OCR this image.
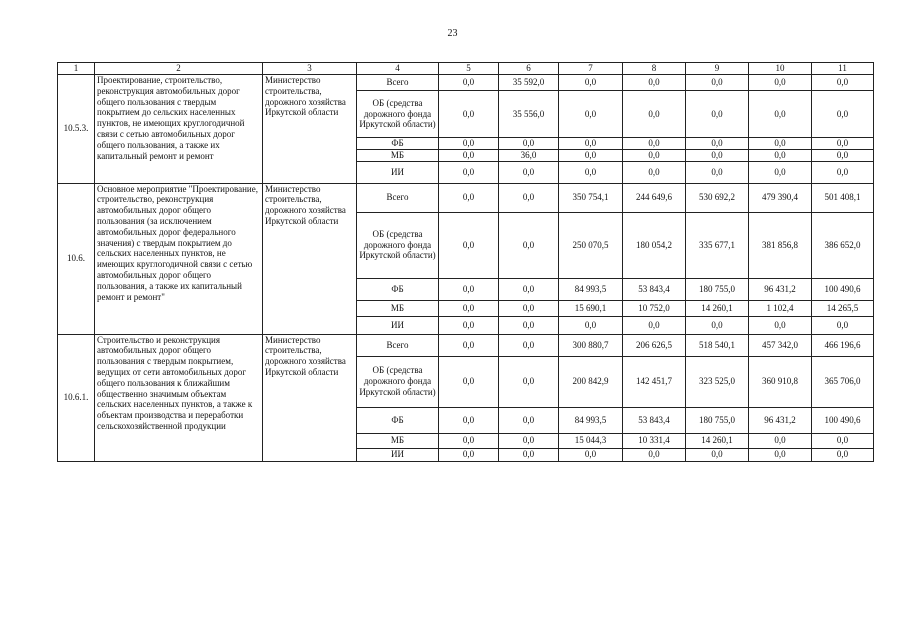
23
1	2	3	4	5	6	7	8	9	10	11
10.5.3.	Проектирование, строительство, реконструкция автомобильных дорог общего пользования с твердым покрытием до сельских населенных пунктов, не имеющих круглогодичной связи с сетью автомобильных дорог общего пользования, а также их капитальный ремонт и ремонт	Министерство строительства, дорожного хозяйства Иркутской области	Всего	0,0	35 592,0	0,0	0,0	0,0	0,0	0,0
			ОБ (средства дорожного фонда Иркутской области)	0,0	35 556,0	0,0	0,0	0,0	0,0	0,0
			ФБ	0,0	0,0	0,0	0,0	0,0	0,0	0,0
			МБ	0,0	36,0	0,0	0,0	0,0	0,0	0,0
			ИИ	0,0	0,0	0,0	0,0	0,0	0,0	0,0
10.6.	Основное мероприятие "Проектирование, строительство, реконструкция автомобильных дорог общего пользования (за исключением автомобильных дорог федерального значения) с твердым покрытием до сельских населенных пунктов, не имеющих круглогодичной связи с сетью автомобильных дорог общего пользования, а также их капитальный ремонт и ремонт"	Министерство строительства, дорожного хозяйства Иркутской области	Всего	0,0	0,0	350 754,1	244 649,6	530 692,2	479 390,4	501 408,1
			ОБ (средства дорожного фонда Иркутской области)	0,0	0,0	250 070,5	180 054,2	335 677,1	381 856,8	386 652,0
			ФБ	0,0	0,0	84 993,5	53 843,4	180 755,0	96 431,2	100 490,6
			МБ	0,0	0,0	15 690,1	10 752,0	14 260,1	1 102,4	14 265,5
			ИИ	0,0	0,0	0,0	0,0	0,0	0,0	0,0
10.6.1.	Строительство и реконструкция автомобильных дорог общего пользования с твердым покрытием, ведущих от сети автомобильных дорог общего пользования к ближайшим общественно значимым объектам сельских населенных пунктов, а также к объектам производства и переработки сельскохозяйственной продукции	Министерство строительства, дорожного хозяйства Иркутской области	Всего	0,0	0,0	300 880,7	206 626,5	518 540,1	457 342,0	466 196,6
			ОБ (средства дорожного фонда Иркутской области)	0,0	0,0	200 842,9	142 451,7	323 525,0	360 910,8	365 706,0
			ФБ	0,0	0,0	84 993,5	53 843,4	180 755,0	96 431,2	100 490,6
			МБ	0,0	0,0	15 044,3	10 331,4	14 260,1	0,0	0,0
			ИИ	0,0	0,0	0,0	0,0	0,0	0,0	0,0
